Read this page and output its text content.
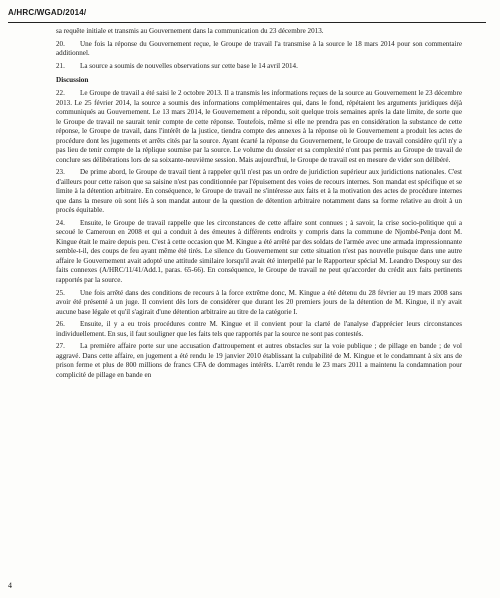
A/HRC/WGAD/2014/

sa requête initiale et transmis au Gouvernement dans la communication du 23 décembre 2013.

20. Une fois la réponse du Gouvernement reçue, le Groupe de travail l'a transmise à la source le 18 mars 2014 pour son commentaire additionnel.

21. La source a soumis de nouvelles observations sur cette base le 14 avril 2014.

Discussion

22. Le Groupe de travail a été saisi le 2 octobre 2013. Il a transmis les informations reçues de la source au Gouvernement le 23 décembre 2013. Le 25 février 2014, la source a soumis des informations complémentaires qui, dans le fond, répétaient les arguments juridiques déjà communiqués au Gouvernement. Le 13 mars 2014, le Gouvernement a répondu, soit quelque trois semaines après la date limite, de sorte que le Groupe de travail ne saurait tenir compte de cette réponse. Toutefois, même si elle ne prendra pas en considération la substance de cette réponse, le Groupe de travail, dans l'intérêt de la justice, tiendra compte des annexes à la réponse où le Gouvernement a produit les actes de procédure dont les jugements et arrêts cités par la source. Ayant écarté la réponse du Gouvernement, le Groupe de travail considère qu'il n'y a pas lieu de tenir compte de la réplique soumise par la source. Le volume du dossier et sa complexité n'ont pas permis au Groupe de travail de conclure ses délibérations lors de sa soixante-neuvième session. Mais aujourd'hui, le Groupe de travail est en mesure de vider son délibéré.

23. De prime abord, le Groupe de travail tient à rappeler qu'il n'est pas un ordre de juridiction supérieur aux juridictions nationales. C'est d'ailleurs pour cette raison que sa saisine n'est pas conditionnée par l'épuisement des voies de recours internes. Son mandat est spécifique et se limite à la détention arbitraire. En conséquence, le Groupe de travail ne s'intéresse aux faits et à la motivation des actes de procédure internes que dans la mesure où sont liés à son mandat autour de la question de détention arbitraire notamment dans sa forme relative au droit à un procès équitable.

24. Ensuite, le Groupe de travail rappelle que les circonstances de cette affaire sont connues ; à savoir, la crise socio-politique qui a secoué le Cameroun en 2008 et qui a conduit à des émeutes à différents endroits y compris dans la commune de Njombé-Penja dont M. Kingue était le maire depuis peu. C'est à cette occasion que M. Kingue a été arrêté par des soldats de l'armée avec une armada impressionnante semble-t-il, des coups de feu ayant même été tirés. Le silence du Gouvernement sur cette situation n'est pas nouvelle puisque dans une autre affaire le Gouvernement avait adopté une attitude similaire lorsqu'il avait été interpellé par le Rapporteur spécial M. Leandro Despouy sur des faits connexes (A/HRC/11/41/Add.1, paras. 65-66). En conséquence, le Groupe de travail ne peut qu'accorder du crédit aux faits pertinents rapportés par la source.

25. Une fois arrêté dans des conditions de recours à la force extrême donc, M. Kingue a été détenu du 28 février au 19 mars 2008 sans avoir été présenté à un juge. Il convient dès lors de considérer que durant les 20 premiers jours de la détention de M. Kingue, il n'y avait aucune base légale et qu'il s'agirait d'une détention arbitraire au titre de la catégorie I.

26. Ensuite, il y a eu trois procédures contre M. Kingue et il convient pour la clarté de l'analyse d'apprécier leurs circonstances individuellement. En sus, il faut souligner que les faits tels que rapportés par la source ne sont pas contestés.

27. La première affaire porte sur une accusation d'attroupement et autres obstacles sur la voie publique ; de pillage en bande ; de vol aggravé. Dans cette affaire, en jugement a été rendu le 19 janvier 2010 établissant la culpabilité de M. Kingue et le condamnant à six ans de prison ferme et plus de 800 millions de francs CFA de dommages intérêts. L'arrêt rendu le 23 mars 2011 a maintenu la condamnation pour complicité de pillage en bande en

4
